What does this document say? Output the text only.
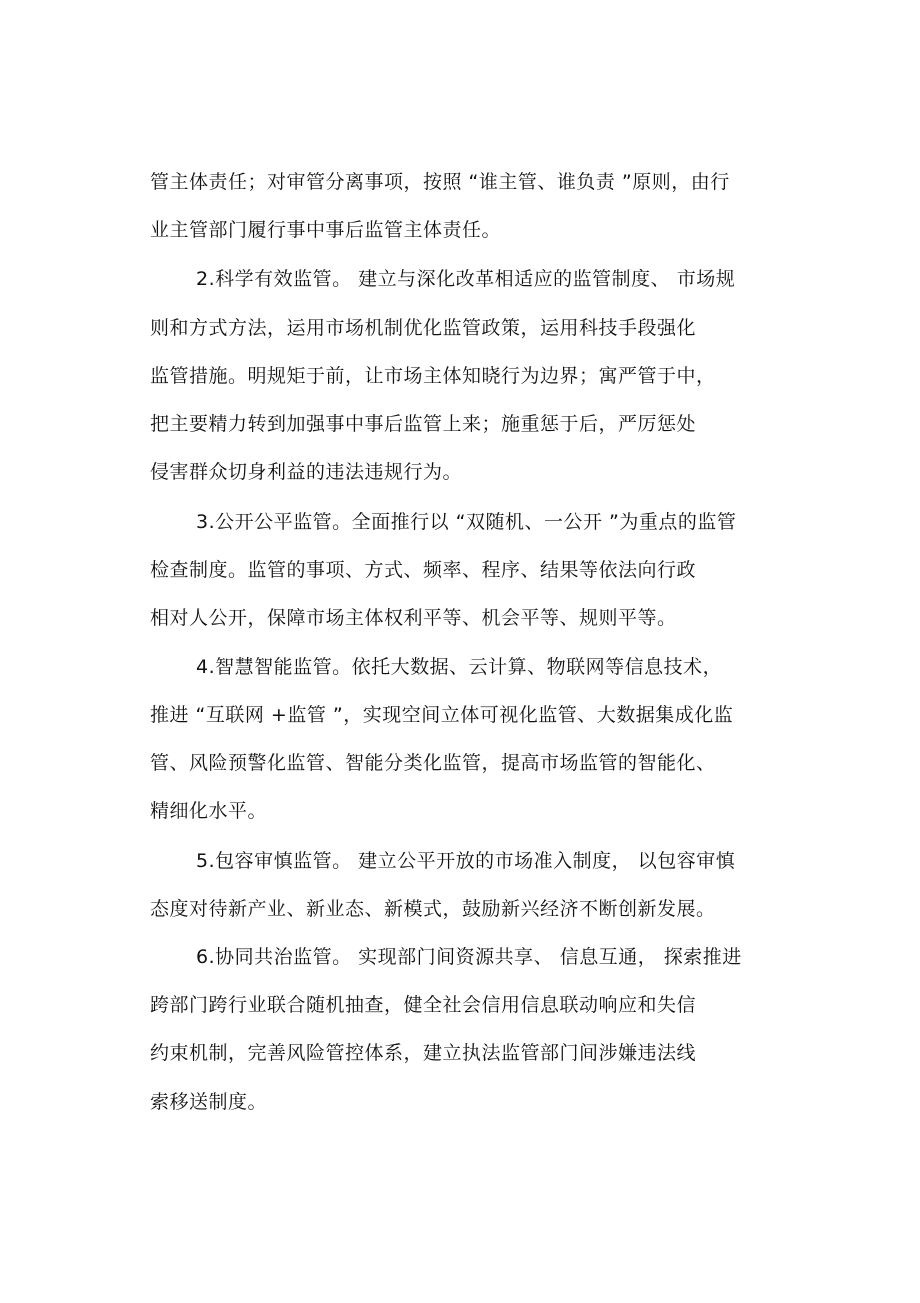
管主体责任；对审管分离事项，按照 “谁主管、谁负责 ”原则，由行
业主管部门履行事中事后监管主体责任。
2.科学有效监管。 建立与深化改革相适应的监管制度、 市场规
则和方式方法，运用市场机制优化监管政策，运用科技手段强化
监管措施。明规矩于前，让市场主体知晓行为边界；寓严管于中，
把主要精力转到加强事中事后监管上来；施重惩于后，严厉惩处
侵害群众切身利益的违法违规行为。
3.公开公平监管。全面推行以 “双随机、一公开 ”为重点的监管
检查制度。监管的事项、方式、频率、程序、结果等依法向行政
相对人公开，保障市场主体权利平等、机会平等、规则平等。
4.智慧智能监管。依托大数据、云计算、物联网等信息技术，
推进 “互联网 +监管 ”，实现空间立体可视化监管、大数据集成化监
管、风险预警化监管、智能分类化监管，提高市场监管的智能化、
精细化水平。
5.包容审慎监管。 建立公平开放的市场准入制度， 以包容审慎
态度对待新产业、新业态、新模式，鼓励新兴经济不断创新发展。
6.协同共治监管。 实现部门间资源共享、 信息互通， 探索推进
跨部门跨行业联合随机抽查，健全社会信用信息联动响应和失信
约束机制，完善风险管控体系，建立执法监管部门间涉嫌违法线
索移送制度。
